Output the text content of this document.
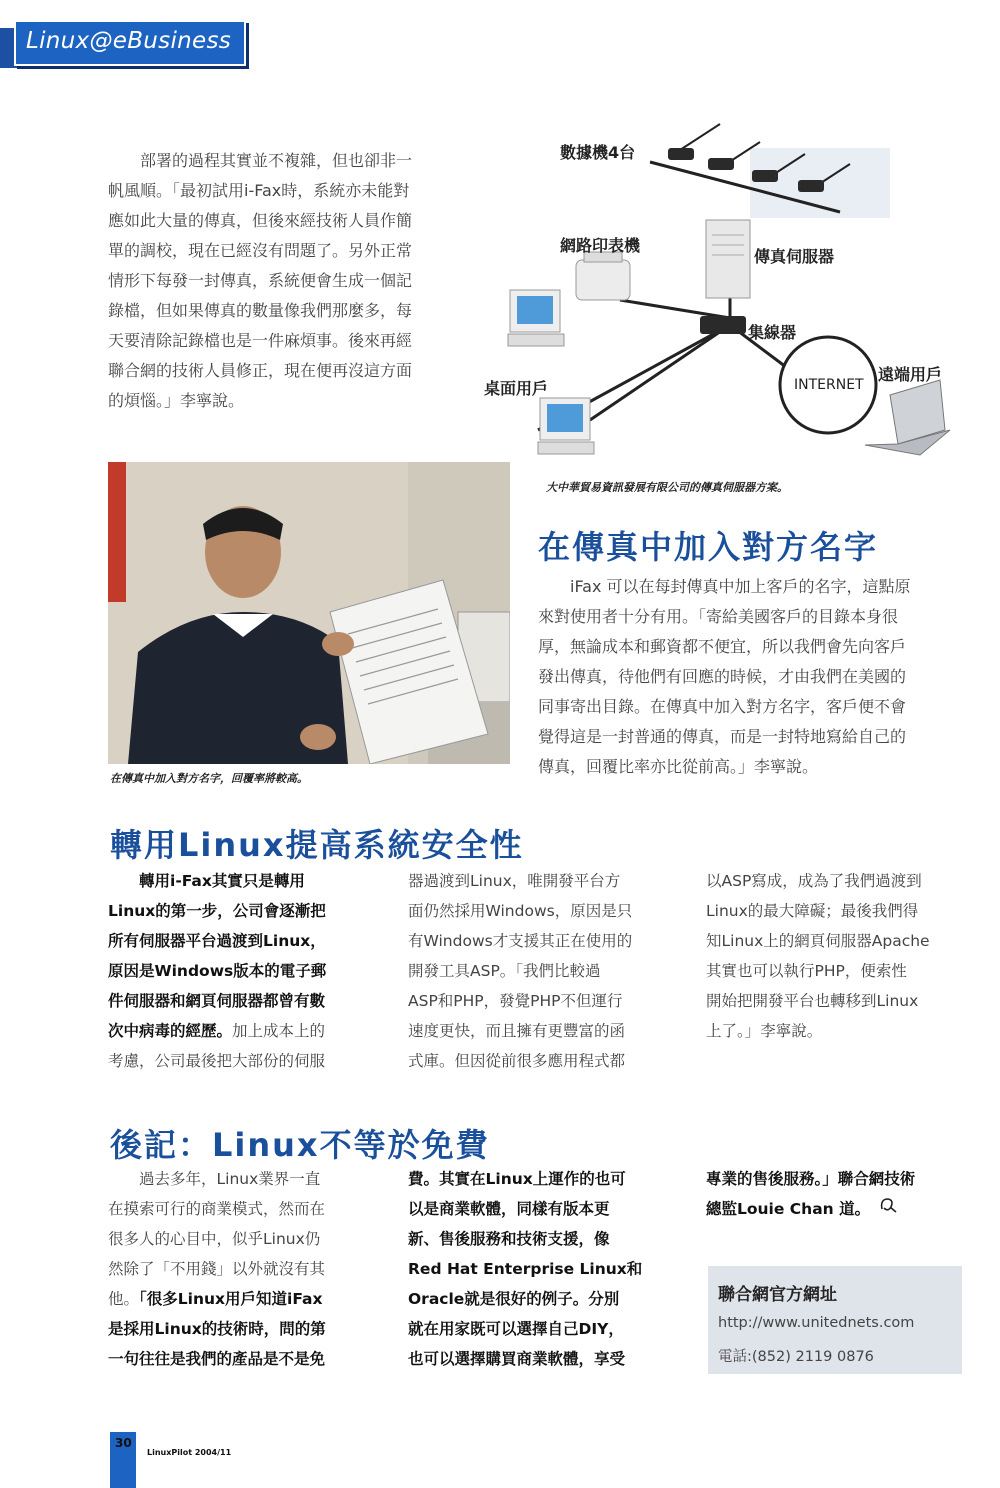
Linux@eBusiness

部署的過程其實並不複雜，但也卻非一

帆風順。「最初試用i-Fax時，系統亦未能對

應如此大量的傳真，但後來經技術人員作簡

單的調校，現在已經沒有問題了。另外正常

情形下每發一封傳真，系統便會生成一個記

錄檔，但如果傳真的數量像我們那麼多，每

天要清除記錄檔也是一件麻煩事。後來再經

聯合網的技術人員修正，現在便再沒這方面

的煩惱。」李寧說。

數據機4台
網路印表機
傳真伺服器
集線器
桌面用戶	INTERNET
遠端用戶
大中華貿易資訊發展有限公司的傳真伺服器方案。
在傳真中加入對方名字，回覆率將較高。
在傳真中加入對方名字

iFax 可以在每封傳真中加上客戶的名字，這點原

來對使用者十分有用。「寄給美國客戶的目錄本身很

厚，無論成本和郵資都不便宜，所以我們會先向客戶

發出傳真，待他們有回應的時候，才由我們在美國的

同事寄出目錄。在傳真中加入對方名字，客戶便不會

覺得這是一封普通的傳真，而是一封特地寫給自己的

傳真，回覆比率亦比從前高。」李寧說。

轉用Linux提高系統安全性

轉用i-Fax其實只是轉用

Linux的第一步，公司會逐漸把

所有伺服器平台過渡到Linux，

原因是Windows版本的電子郵

件伺服器和網頁伺服器都曾有數

次中病毒的經歷。加上成本上的

考慮，公司最後把大部份的伺服

器過渡到Linux，唯開發平台方

面仍然採用Windows，原因是只

有Windows才支援其正在使用的

開發工具ASP。「我們比較過

ASP和PHP，發覺PHP不但運行

速度更快，而且擁有更豐富的函

式庫。但因從前很多應用程式都

以ASP寫成，成為了我們過渡到

Linux的最大障礙；最後我們得

知Linux上的網頁伺服器Apache

其實也可以執行PHP，便索性

開始把開發平台也轉移到Linux

上了。」李寧說。

後記：Linux不等於免費

過去多年，Linux業界一直

在摸索可行的商業模式，然而在

很多人的心目中，似乎Linux仍

然除了「不用錢」以外就沒有其

他。「很多Linux用戶知道iFax

是採用Linux的技術時，問的第

一句往往是我們的產品是不是免

費。其實在Linux上運作的也可

以是商業軟體，同樣有版本更

新、售後服務和技術支援，像

Red Hat Enterprise Linux和

Oracle就是很好的例子。分別

就在用家既可以選擇自己DIY，

也可以選擇購買商業軟體，享受

專業的售後服務。」聯合網技術

總監Louie Chan 道。

聯合網官方網址
http://www.unitednets.com
電話:(852) 2119 0876
30
LinuxPilot 2004/11
